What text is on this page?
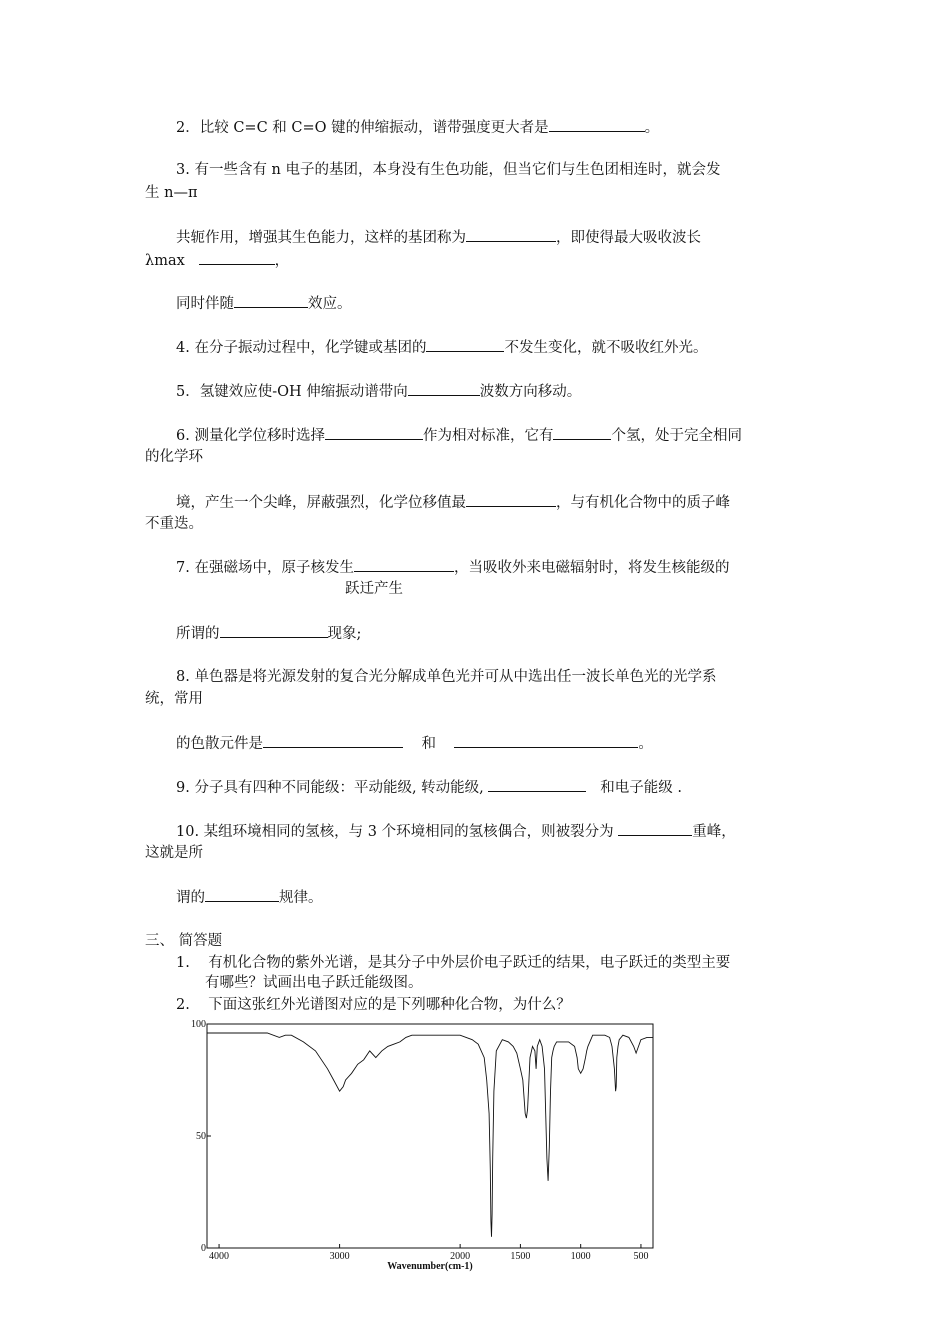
2．比较 C=C 和 C=O 键的伸缩振动，谱带强度更大者是	。
3. 有一些含有 n 电子的基团，本身没有生色功能，但当它们与生色团相连时，就会发
生 n—π
共轭作用，增强其生色能力，这样的基团称为	，即使得最大吸收波长
λmax	，
同时伴随	效应。
4. 在分子振动过程中，化学键或基团的	不发生变化，就不吸收红外光。
5．氢键效应使-OH 伸缩振动谱带向	波数方向移动。
6. 测量化学位移时选择	作为相对标准，它有	个氢，处于完全相同
的化学环
境，产生一个尖峰，屏蔽强烈，化学位移值最	，与有机化合物中的质子峰
不重迭。
7. 在强磁场中，原子核发生	，当吸收外来电磁辐射时，将发生核能级的
跃迁产生
所谓的	现象;
8. 单色器是将光源发射的复合光分解成单色光并可从中选出任一波长单色光的光学系
统，常用
的色散元件是	和	。
9. 分子具有四种不同能级：平动能级, 转动能级,	和电子能级 .
10. 某组环境相同的氢核，与 3 个环境相同的氢核偶合，则被裂分为	重峰，
这就是所
谓的	规律。
三、 简答题
1. 有机化合物的紫外光谱，是其分子中外层价电子跃迁的结果，电子跃迁的类型主要
有哪些？试画出电子跃迁能级图。
2. 下面这张红外光谱图对应的是下列哪种化合物，为什么？
0
50
100
4000	3000	2000	1500	1000	500
Wavenumber(cm-1)
